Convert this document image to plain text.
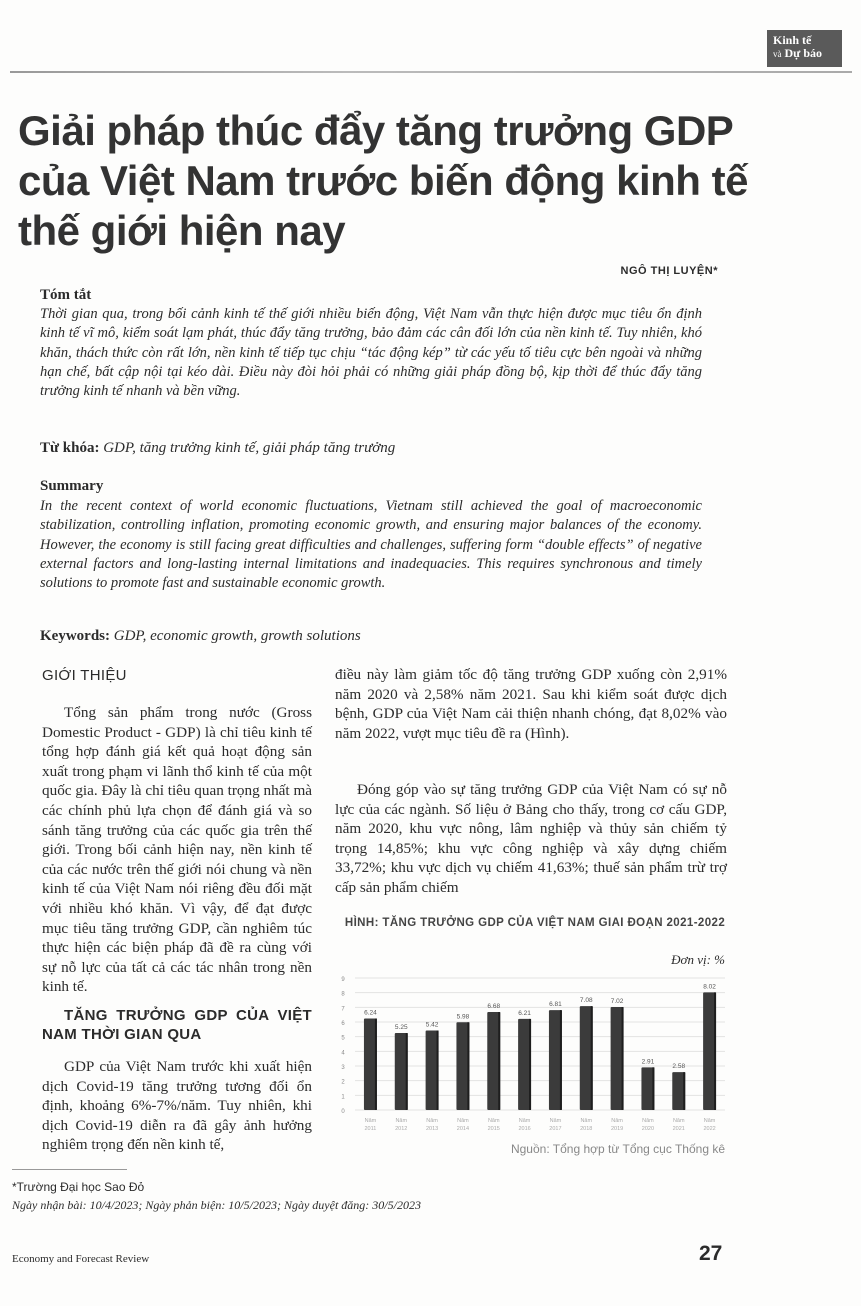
Kinh tế
và Dự báo
Giải pháp thúc đẩy tăng trưởng GDP của Việt Nam trước biến động kinh tế thế giới hiện nay
NGÔ THỊ LUYỆN*
Tóm tắt

Thời gian qua, trong bối cảnh kinh tế thế giới nhiều biến động, Việt Nam vẫn thực hiện được mục tiêu ổn định kinh tế vĩ mô, kiểm soát lạm phát, thúc đẩy tăng trưởng, bảo đảm các cân đối lớn của nền kinh tế. Tuy nhiên, khó khăn, thách thức còn rất lớn, nền kinh tế tiếp tục chịu “tác động kép” từ các yếu tố tiêu cực bên ngoài và những hạn chế, bất cập nội tại kéo dài. Điều này đòi hỏi phải có những giải pháp đồng bộ, kịp thời để thúc đẩy tăng trưởng kinh tế nhanh và bền vững.

Từ khóa: GDP, tăng trưởng kinh tế, giải pháp tăng trưởng
Summary

In the recent context of world economic fluctuations, Vietnam still achieved the goal of macroeconomic stabilization, controlling inflation, promoting economic growth, and ensuring major balances of the economy. However, the economy is still facing great difficulties and challenges, suffering form “double effects” of negative external factors and long-lasting internal limitations and inadequacies. This requires synchronous and timely solutions to promote fast and sustainable economic growth.

Keywords: GDP, economic growth, growth solutions
GIỚI THIỆU

Tổng sản phẩm trong nước (Gross Domestic Product - GDP) là chỉ tiêu kinh tế tổng hợp đánh giá kết quả hoạt động sản xuất trong phạm vi lãnh thổ kinh tế của một quốc gia. Đây là chỉ tiêu quan trọng nhất mà các chính phủ lựa chọn để đánh giá và so sánh tăng trưởng của các quốc gia trên thế giới. Trong bối cảnh hiện nay, nền kinh tế của các nước trên thế giới nói chung và nền kinh tế của Việt Nam nói riêng đều đối mặt với nhiều khó khăn. Vì vậy, để đạt được mục tiêu tăng trưởng GDP, cần nghiêm túc thực hiện các biện pháp đã đề ra cùng với sự nỗ lực của tất cả các tác nhân trong nền kinh tế.

TĂNG TRƯỞNG GDP CỦA VIỆT NAM THỜI GIAN QUA

GDP của Việt Nam trước khi xuất hiện dịch Covid-19 tăng trưởng tương đối ổn định, khoảng 6%-7%/năm. Tuy nhiên, khi dịch Covid-19 diễn ra đã gây ảnh hưởng nghiêm trọng đến nền kinh tế,

điều này làm giảm tốc độ tăng trưởng GDP xuống còn 2,91% năm 2020 và 2,58% năm 2021. Sau khi kiểm soát được dịch bệnh, GDP của Việt Nam cải thiện nhanh chóng, đạt 8,02% vào năm 2022, vượt mục tiêu đề ra (Hình).

Đóng góp vào sự tăng trưởng GDP của Việt Nam có sự nỗ lực của các ngành. Số liệu ở Bảng cho thấy, trong cơ cấu GDP, năm 2020, khu vực nông, lâm nghiệp và thủy sản chiếm tỷ trọng 14,85%; khu vực công nghiệp và xây dựng chiếm 33,72%; khu vực dịch vụ chiếm 41,63%; thuế sản phẩm trừ trợ cấp sản phẩm chiếm

HÌNH: TĂNG TRƯỞNG GDP CỦA VIỆT NAM GIAI ĐOẠN 2021-2022
Đơn vị: %
0
1
2
3
4
5
6
7
8
9
6.24
Năm
2011
5.25
Năm
2012
5.42
Năm
2013
5.98
Năm
2014
6.68
Năm
2015
6.21
Năm
2016
6.81
Năm
2017
7.08
Năm
2018
7.02
Năm
2019
2.91
Năm
2020
2.58
Năm
2021
8.02
Năm
2022
Nguồn: Tổng hợp từ Tổng cục Thống kê
*Trường Đại học Sao Đỏ
Ngày nhận bài: 10/4/2023; Ngày phản biện: 10/5/2023; Ngày duyệt đăng: 30/5/2023
Economy and Forecast Review	27
